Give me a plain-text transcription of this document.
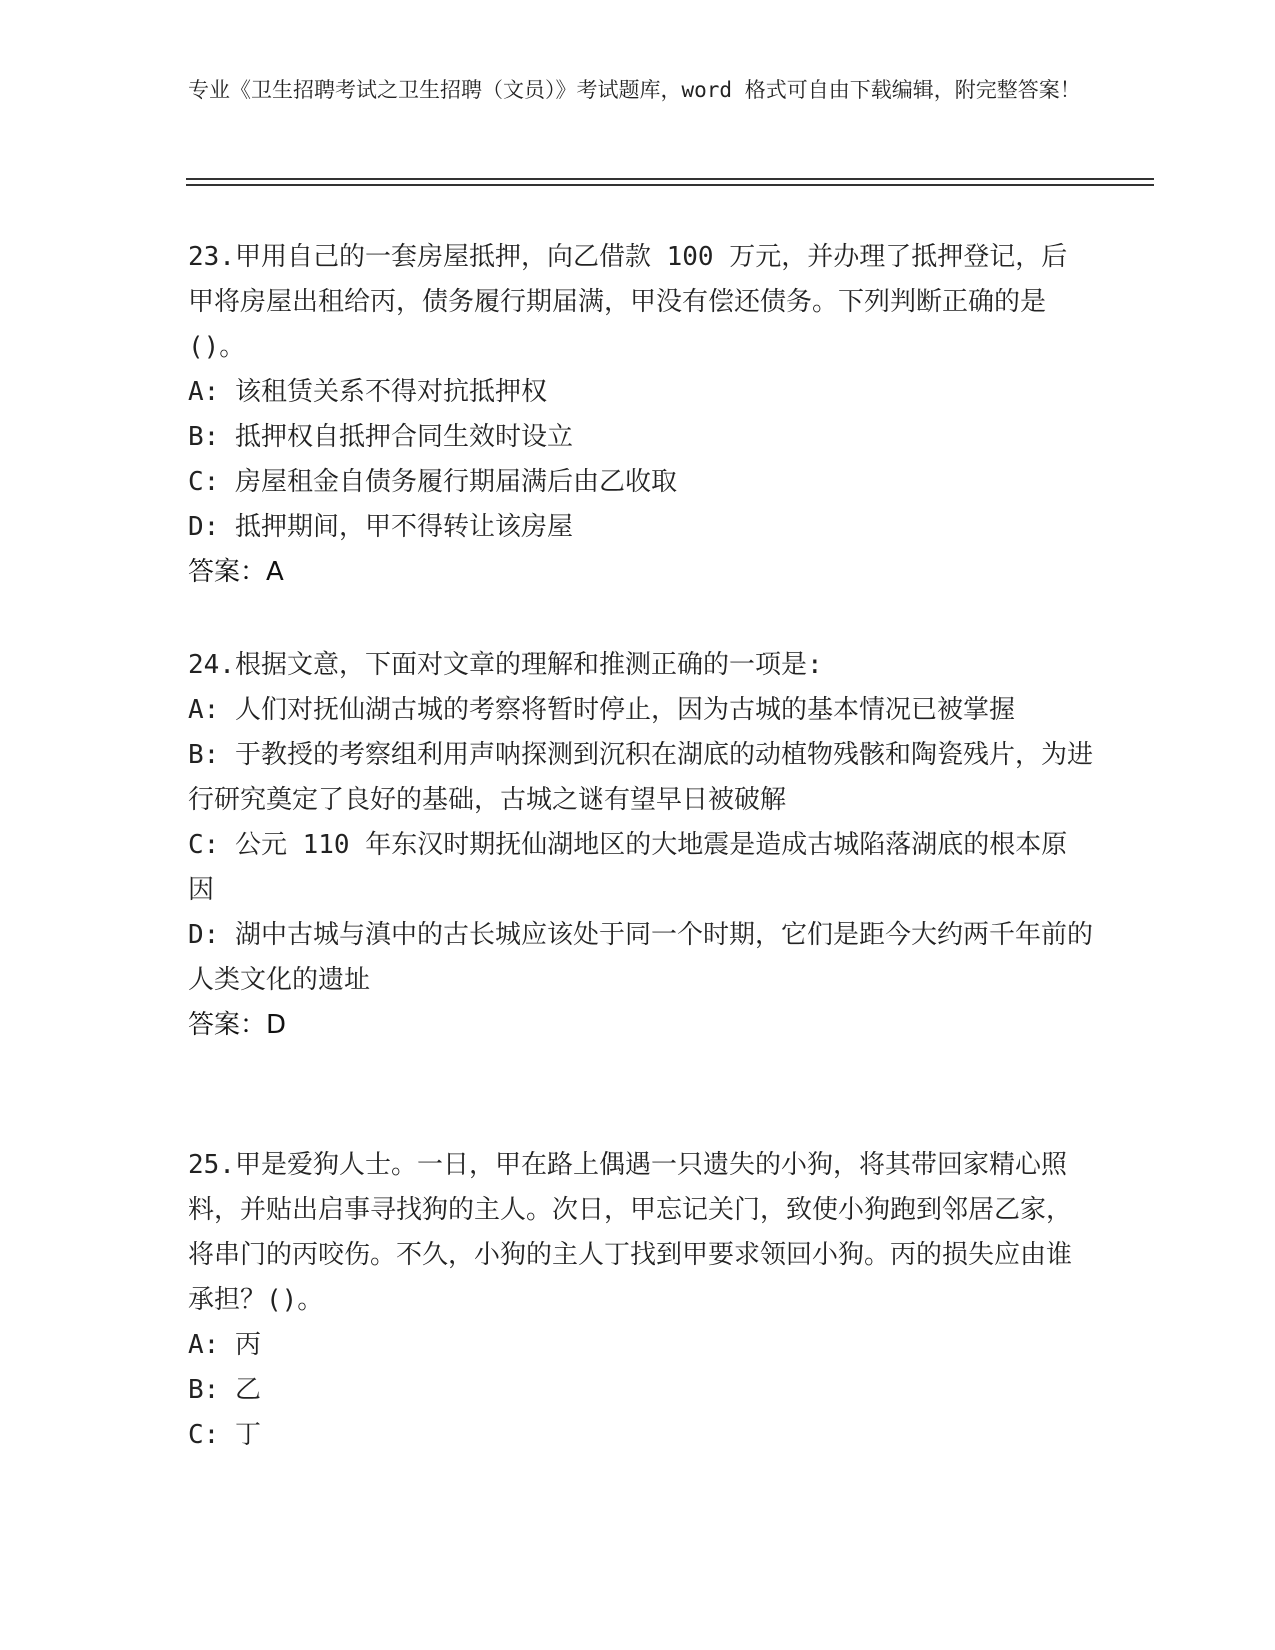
专业《卫生招聘考试之卫生招聘（文员）》考试题库，word 格式可自由下载编辑，附完整答案！

23.甲用自己的一套房屋抵押，向乙借款 100 万元，并办理了抵押登记，后甲将房屋出租给丙，债务履行期届满，甲没有偿还债务。下列判断正确的是()。

A: 该租赁关系不得对抗抵押权

B: 抵押权自抵押合同生效时设立

C: 房屋租金自债务履行期届满后由乙收取

D: 抵押期间，甲不得转让该房屋

答案：A

24.根据文意，下面对文章的理解和推测正确的一项是:

A: 人们对抚仙湖古城的考察将暂时停止，因为古城的基本情况已被掌握

B: 于教授的考察组利用声呐探测到沉积在湖底的动植物残骸和陶瓷残片，为进行研究奠定了良好的基础，古城之谜有望早日被破解

C: 公元 110 年东汉时期抚仙湖地区的大地震是造成古城陷落湖底的根本原因

D: 湖中古城与滇中的古长城应该处于同一个时期，它们是距今大约两千年前的人类文化的遗址

答案：D

25.甲是爱狗人士。一日，甲在路上偶遇一只遗失的小狗，将其带回家精心照料，并贴出启事寻找狗的主人。次日，甲忘记关门，致使小狗跑到邻居乙家，将串门的丙咬伤。不久，小狗的主人丁找到甲要求领回小狗。丙的损失应由谁承担？()。

A: 丙

B: 乙

C: 丁
